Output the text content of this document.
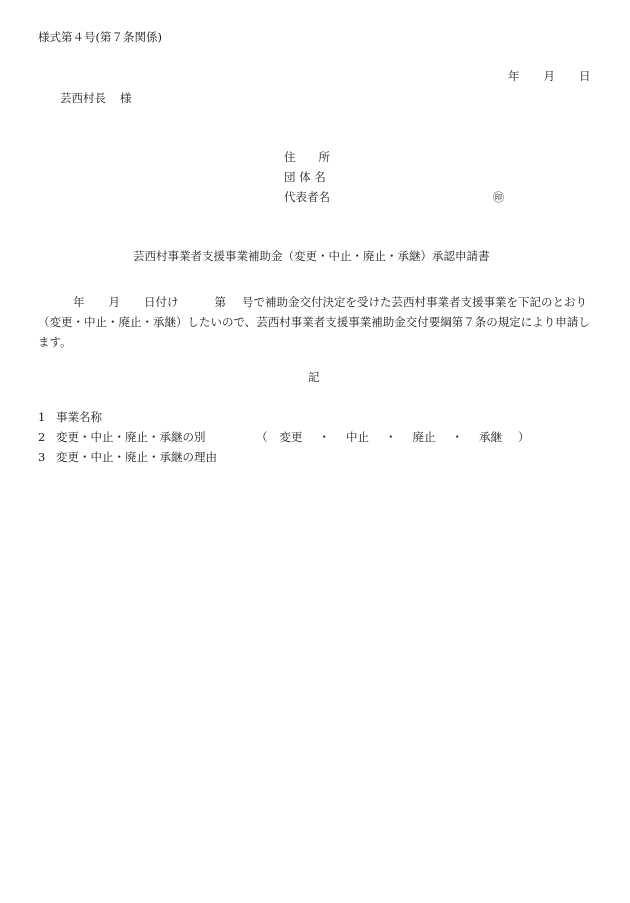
様式第４号(第７条関係)
年 月 日
芸西村長 様
住　　所
団 体 名
代表者名	㊞
芸西村事業者支援事業補助金（変更・中止・廃止・承継）承認申請書
年 月 日付け	第 号で補助金交付決定を受けた芸西村事業者支援事業を下記のとおり（変更・中止・廃止・承継）したいので、芸西村事業者支援事業補助金交付要綱第７条の規定により申請します。
記
1 事業名称
2 変更・中止・廃止・承継の別
3 変更・中止・廃止・承継の理由
（ 変更 ・ 中止 ・ 廃止 ・ 承継 ）
